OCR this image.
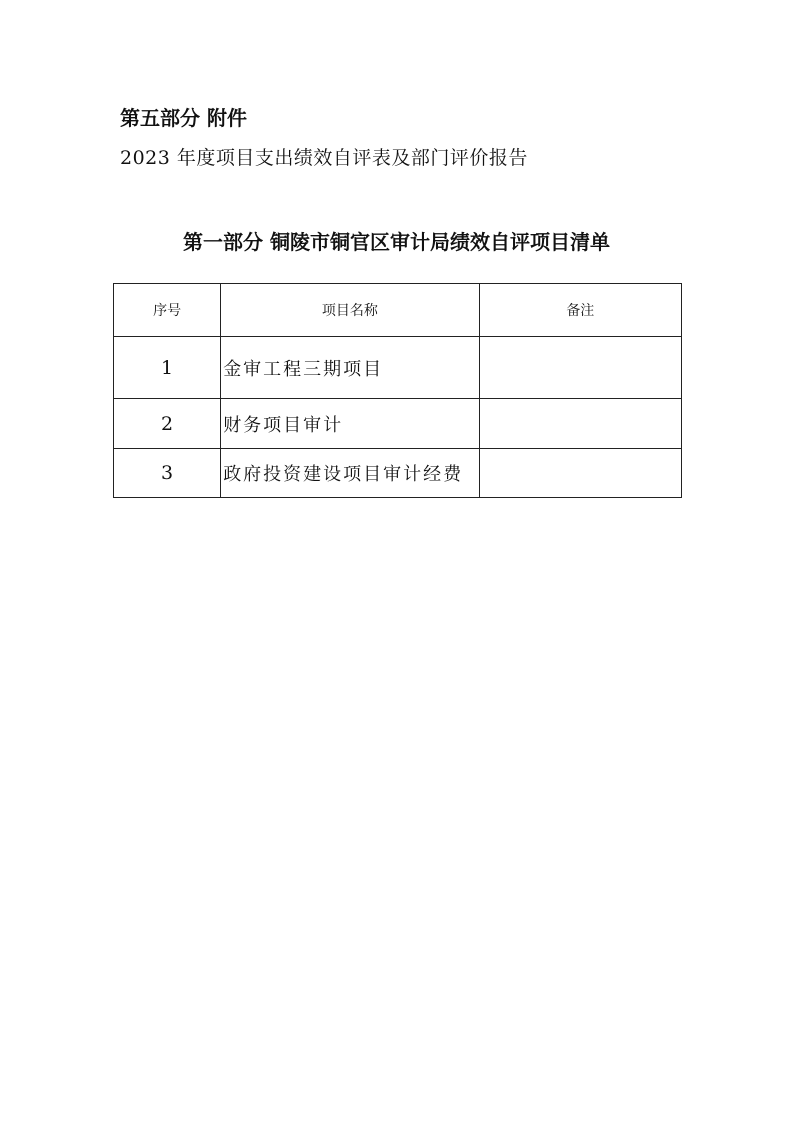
第五部分 附件
2023 年度项目支出绩效自评表及部门评价报告
第一部分 铜陵市铜官区审计局绩效自评项目清单
序号	项目名称	备注
1	金审工程三期项目	
2	财务项目审计	
3	政府投资建设项目审计经费	
